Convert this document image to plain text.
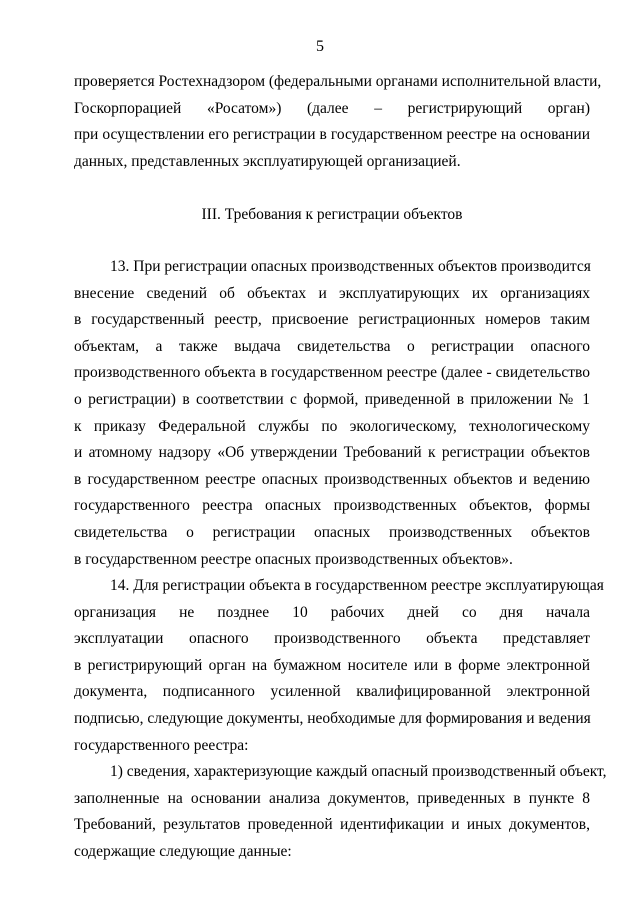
5
проверяется Ростехнадзором (федеральными органами исполнительной власти,
Госкорпорацией «Росатом») (далее – регистрирующий орган)
при осуществлении его регистрации в государственном реестре на основании
данных, представленных эксплуатирующей организацией.
III. Требования к регистрации объектов
13. При регистрации опасных производственных объектов производится
внесение сведений об объектах и эксплуатирующих их организациях
в государственный реестр, присвоение регистрационных номеров таким
объектам, а также выдача свидетельства о регистрации опасного
производственного объекта в государственном реестре (далее - свидетельство
о регистрации) в соответствии с формой, приведенной в приложении № 1
к приказу Федеральной службы по экологическому, технологическому
и атомному надзору «Об утверждении Требований к регистрации объектов
в государственном реестре опасных производственных объектов и ведению
государственного реестра опасных производственных объектов, формы
свидетельства о регистрации опасных производственных объектов
в государственном реестре опасных производственных объектов».
14. Для регистрации объекта в государственном реестре эксплуатирующая
организация не позднее 10 рабочих дней со дня начала
эксплуатации опасного производственного объекта представляет
в регистрирующий орган на бумажном носителе или в форме электронной
документа, подписанного усиленной квалифицированной электронной
подписью, следующие документы, необходимые для формирования и ведения
государственного реестра:
1) сведения, характеризующие каждый опасный производственный объект,
заполненные на основании анализа документов, приведенных в пункте 8
Требований, результатов проведенной идентификации и иных документов,
содержащие следующие данные:
